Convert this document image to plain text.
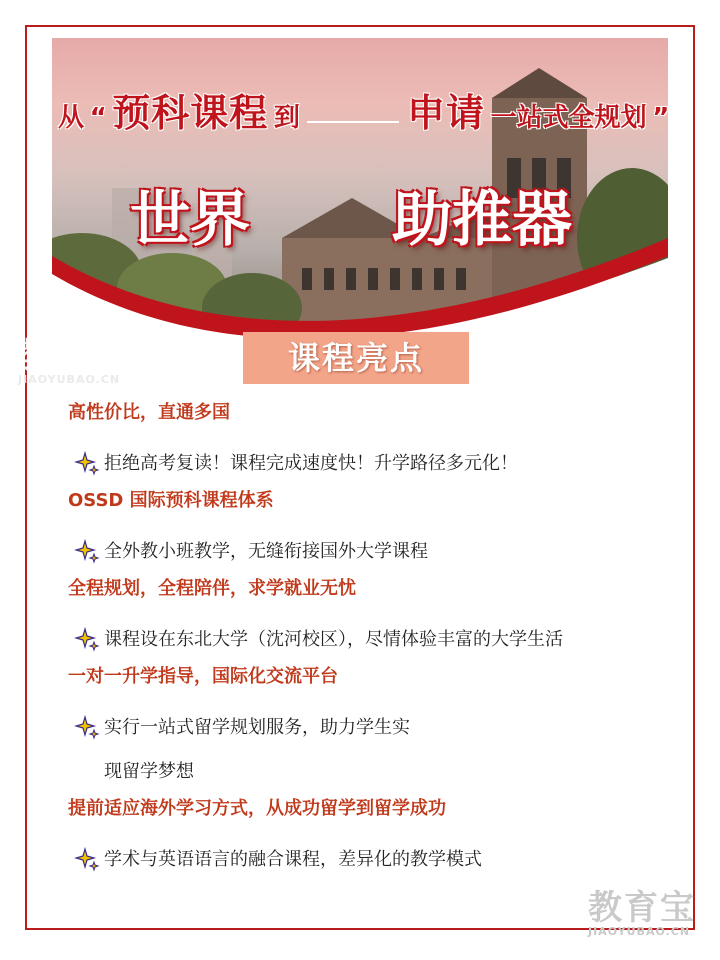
从 “ 预科课程 到	申请 一站式全规划 ”
世界 助推器
课程亮点
教育宝
JIAOYUBAO.CN
高性价比，直通多国
拒绝高考复读！课程完成速度快！升学路径多元化！
OSSD 国际预科课程体系
全外教小班教学，无缝衔接国外大学课程
全程规划，全程陪伴，求学就业无忧
课程设在东北大学（沈河校区），尽情体验丰富的大学生活
一对一升学指导，国际化交流平台
实行一站式留学规划服务，助力学生实
现留学梦想
提前适应海外学习方式，从成功留学到留学成功
学术与英语语言的融合课程，差异化的教学模式
教育宝
JIAOYUBAO.CN
